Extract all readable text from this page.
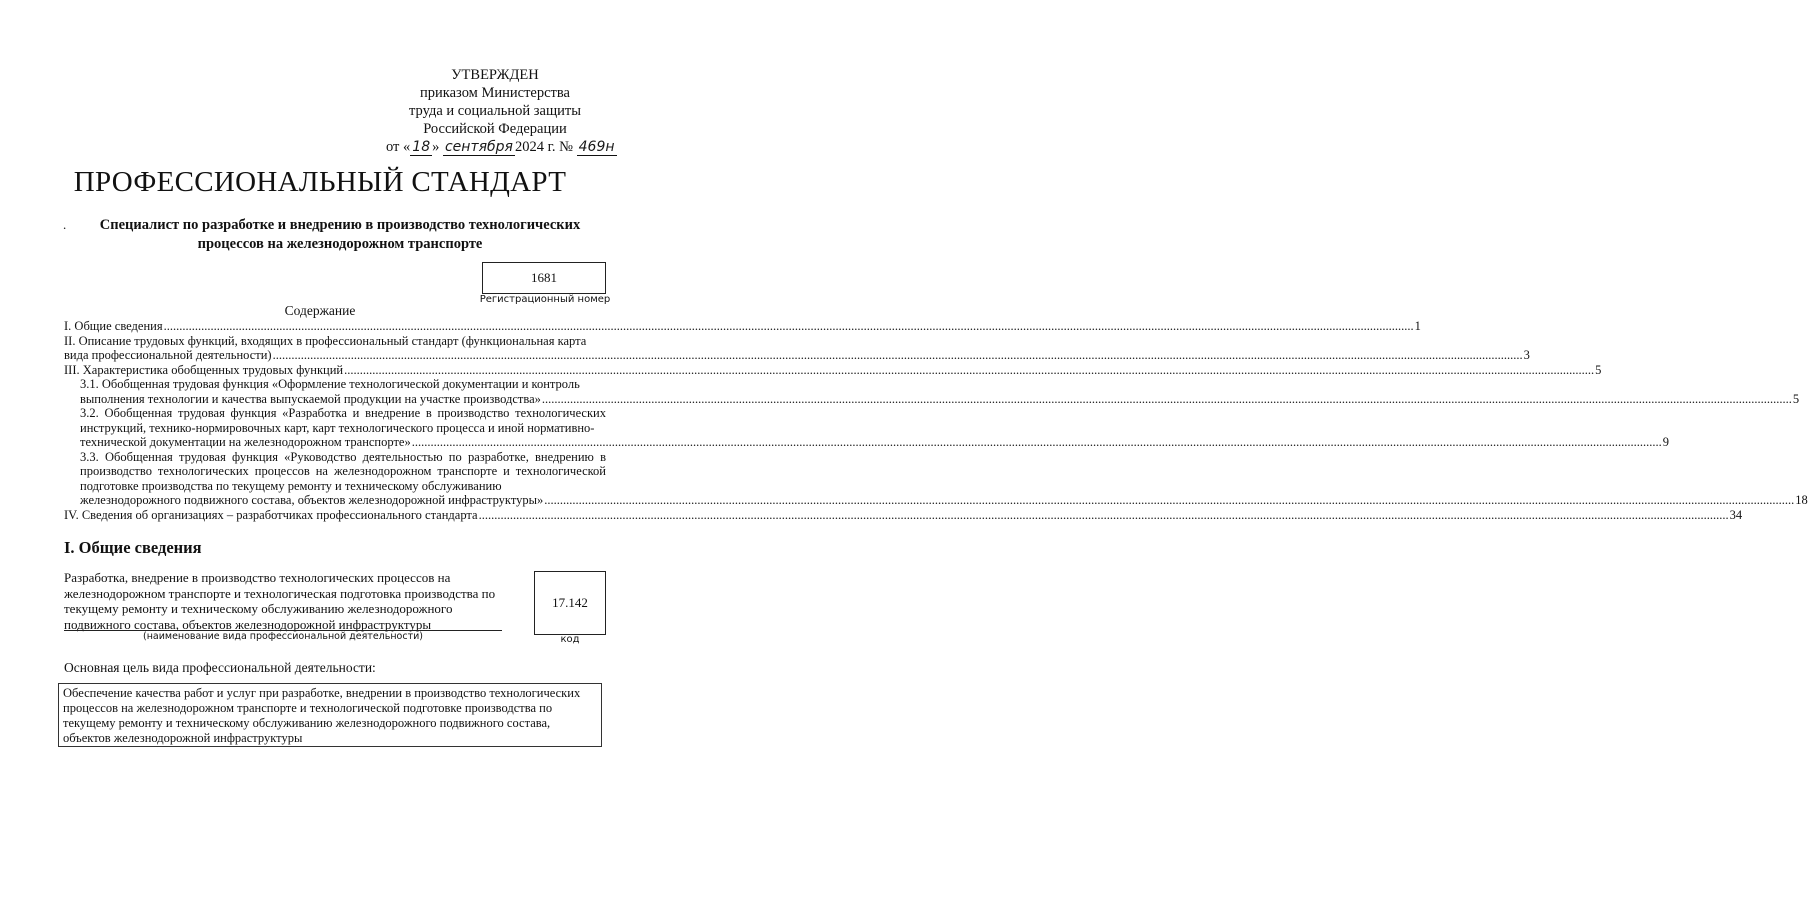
УТВЕРЖДЕН
приказом Министерства
труда и социальной защиты
Российской Федерации
от « 18 » сентября 2024 г. № 469н
ПРОФЕССИОНАЛЬНЫЙ СТАНДАРТ
.	Специалист по разработке и внедрению в производство технологических процессов на железнодорожном транспорте
1681
Регистрационный номер
Содержание
I. Общие сведения ................................................................................................................................................................................................................................................................................................................................................................................................................ 1
II. Описание трудовых функций, входящих в профессиональный стандарт (функциональная карта
вида профессиональной деятельности) ................................................................................................................................................................................................................................................................................................................................................................................................................ 3
III. Характеристика обобщенных трудовых функций ................................................................................................................................................................................................................................................................................................................................................................................................................ 5
3.1. Обобщенная трудовая функция «Оформление технологической документации и контроль
выполнения технологии и качества выпускаемой продукции на участке производства» ................................................................................................................................................................................................................................................................................................................................................................................................................ 5
3.2. Обобщенная трудовая функция «Разработка и внедрение в производство технологических инструкций, технико-нормировочных карт, карт технологического процесса и иной нормативно-
технической документации на железнодорожном транспорте» ................................................................................................................................................................................................................................................................................................................................................................................................................ 9
3.3. Обобщенная трудовая функция «Руководство деятельностью по разработке, внедрению в производство технологических процессов на железнодорожном транспорте и технологической подготовке производства по текущему ремонту и техническому обслуживанию
железнодорожного подвижного состава, объектов железнодорожной инфраструктуры» ................................................................................................................................................................................................................................................................................................................................................................................................................ 18
IV. Сведения об организациях – разработчиках профессионального стандарта ................................................................................................................................................................................................................................................................................................................................................................................................................ 34
I. Общие сведения
Разработка, внедрение в производство технологических процессов на железнодорожном транспорте и технологическая подготовка производства по текущему ремонту и техническому обслуживанию железнодорожного подвижного состава, объектов железнодорожной инфраструктуры
(наименование вида профессиональной деятельности)
17.142
код
Основная цель вида профессиональной деятельности:
Обеспечение качества работ и услуг при разработке, внедрении в производство технологических процессов на железнодорожном транспорте и технологической подготовке производства по текущему ремонту и техническому обслуживанию железнодорожного подвижного состава, объектов железнодорожной инфраструктуры
